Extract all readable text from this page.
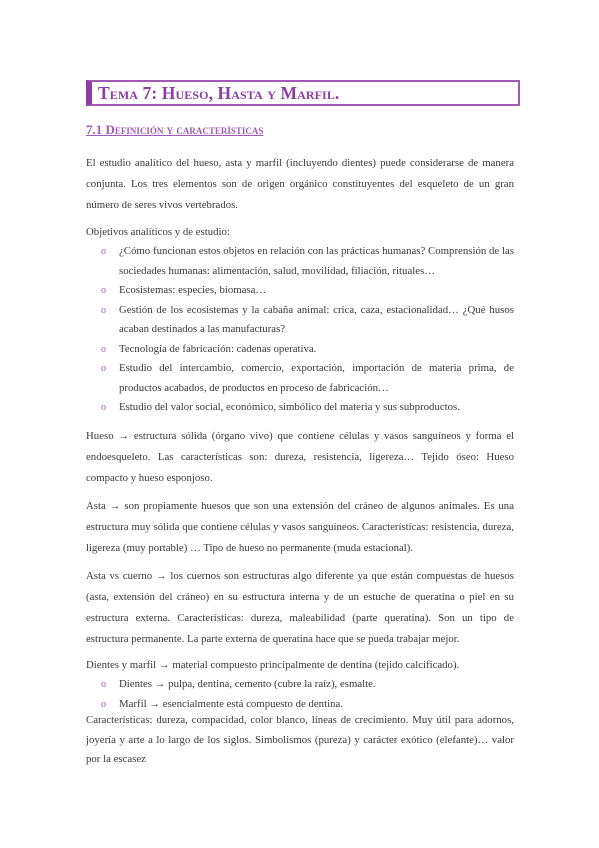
Tema 7: Hueso, Hasta y Marfil.
7.1 Definición y características
El estudio analítico del hueso, asta y marfil (incluyendo dientes) puede considerarse de manera conjunta. Los tres elementos son de origen orgánico constituyentes del esqueleto de un gran número de seres vivos vertebrados.
Objetivos analíticos y de estudio:
o
¿Cómo funcionan estos objetos en relación con las prácticas humanas? Comprensión de las sociedades humanas: alimentación, salud, movilidad, filiación, rituales…
o
Ecosistemas: especies, biomasa…
o
Gestión de los ecosistemas y la cabaña animal: crica, caza, estacionalidad… ¿Qué husos acaban destinados a las manufacturas?
o
Tecnología de fabricación: cadenas operativa.
o
Estudio del intercambio, comercio, exportación, importación de materia prima, de productos acabados, de productos en proceso de fabricación…
o
Estudio del valor social, económico, simbólico del materia y sus subproductos.
Hueso → estructura sólida (órgano vivo) que contiene células y vasos sanguíneos y forma el endoesqueleto. Las características son: dureza, resistencia, ligereza… Tejido óseo: Hueso compacto y hueso esponjoso.
Asta → son propiamente huesos que son una extensión del cráneo de algunos animales. Es una estructura muy sólida que contiene células y vasos sanguíneos. Características: resistencia, dureza, ligereza (muy portable) … Tipo de hueso no permanente (muda estacional).
Asta vs cuerno → los cuernos son estructuras algo diferente ya que están compuestas de huesos (asta, extensión del cráneo) en su estructura interna y de un estuche de queratina o piel en su estructura externa. Características: dureza, maleabilidad (parte queratina). Son un tipo de estructura permanente. La parte externa de queratina hace que se pueda trabajar mejor.
Dientes y marfil → material compuesto principalmente de dentina (tejido calcificado).
o
Dientes → pulpa, dentina, cemento (cubre la raíz), esmalte.
o
Marfil → esencialmente está compuesto de dentina.
Características: dureza, compacidad, color blanco, líneas de crecimiento. Muy útil para adornos, joyería y arte a lo largo de los siglos. Simbolismos (pureza) y carácter exótico (elefante)… valor por la escasez
